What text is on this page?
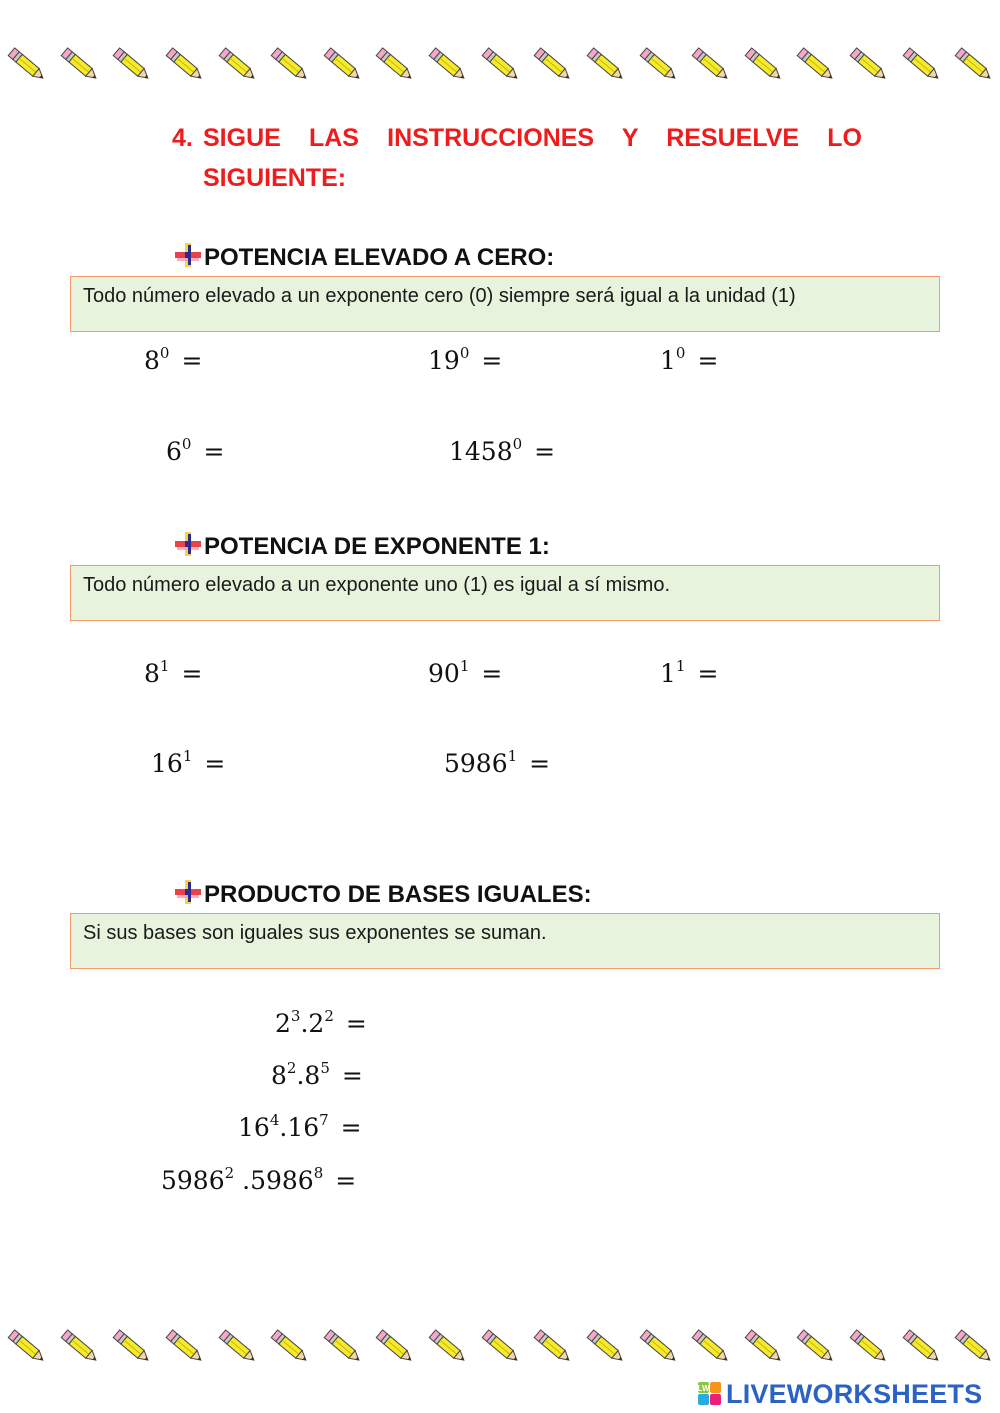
4. SIGUE LAS INSTRUCCIONES Y RESUELVE LO SIGUIENTE:
POTENCIA ELEVADO A CERO:
Todo número elevado a un exponente cero (0) siempre será igual a la unidad (1)
$8^0$ =	$19^0$ =	$1^0$ =
$6^0$ =	$1458^0$ =
POTENCIA DE EXPONENTE 1:
Todo número elevado a un exponente uno (1) es igual a sí mismo.
$8^1$ =	$90^1$ =	$1^1$ =
$16^1$ =	$5986^1$ =
PRODUCTO DE BASES IGUALES:
Si sus bases son iguales sus exponentes se suman.
$2^3.2^2$ =
$8^2.8^5$ =
$16^4.16^7$ =
$5986^2$ $.5986^8$ =
LW LIVEWORKSHEETS
